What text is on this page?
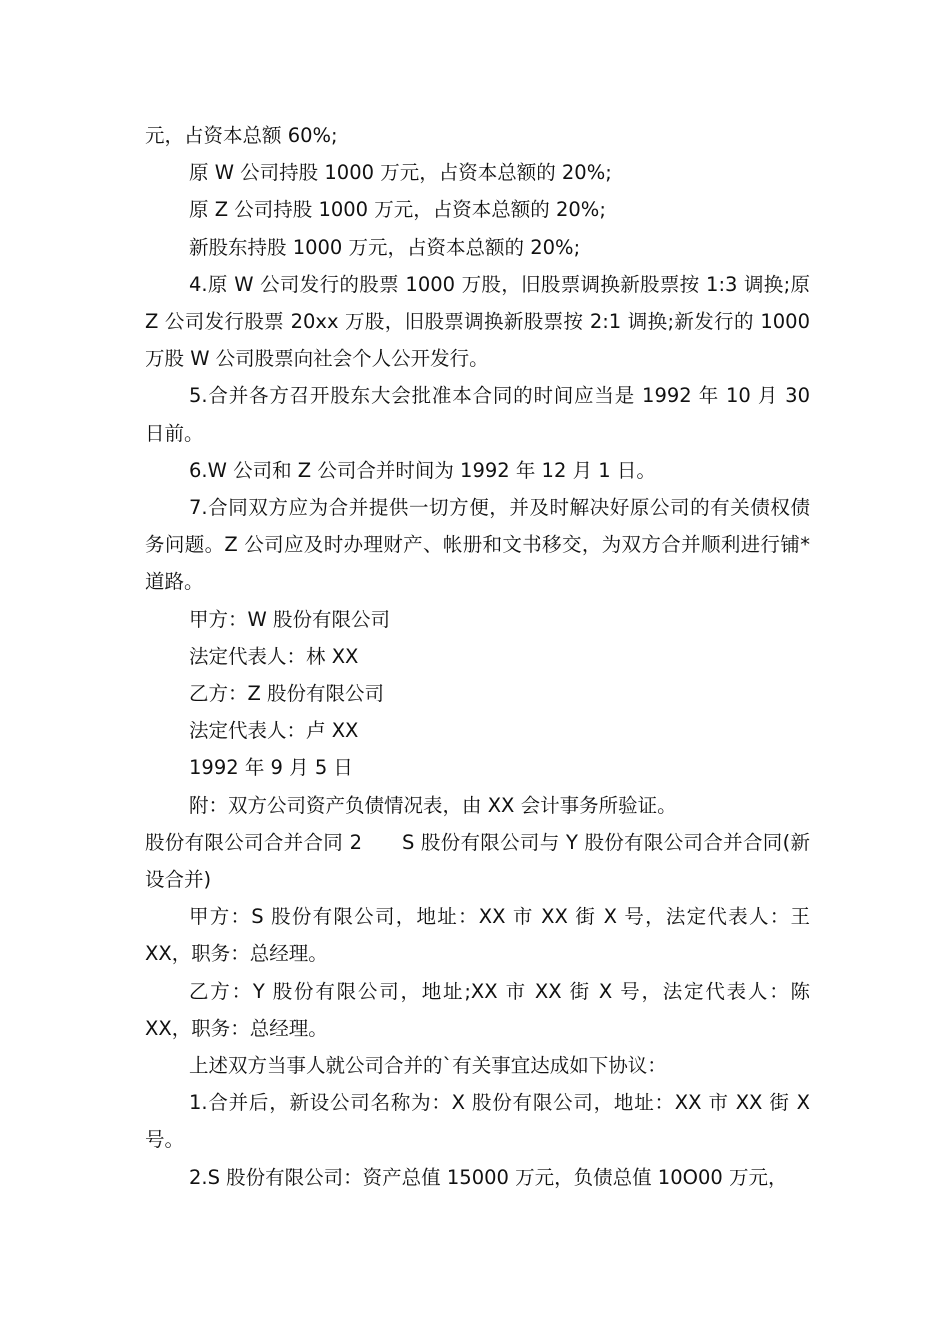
元，占资本总额 60%;

原 W 公司持股 1000 万元，占资本总额的 20%;

原 Z 公司持股 1000 万元，占资本总额的 20%;

新股东持股 1000 万元，占资本总额的 20%;

4.原 W 公司发行的股票 1000 万股，旧股票调换新股票按 1:3 调换;原 Z 公司发行股票 20xx 万股，旧股票调换新股票按 2:1 调换;新发行的 1000 万股 W 公司股票向社会个人公开发行。

5.合并各方召开股东大会批准本合同的时间应当是 1992 年 10 月 30 日前。

6.W 公司和 Z 公司合并时间为 1992 年 12 月 1 日。

7.合同双方应为合并提供一切方便，并及时解决好原公司的有关债权债务问题。Z 公司应及时办理财产、帐册和文书移交，为双方合并顺利进行铺*道路。

甲方：W 股份有限公司

法定代表人：林 XX

乙方：Z 股份有限公司

法定代表人：卢 XX

1992 年 9 月 5 日

附：双方公司资产负债情况表，由 XX 会计事务所验证。

股份有限公司合并合同 2　　S 股份有限公司与 Y 股份有限公司合并合同(新设合并)

甲方：S 股份有限公司，地址：XX 市 XX 街 X 号，法定代表人：王 XX，职务：总经理。

乙方：Y 股份有限公司，地址;XX 市 XX 街 X 号，法定代表人：陈 XX，职务：总经理。

上述双方当事人就公司合并的`有关事宜达成如下协议：

1.合并后，新设公司名称为：X 股份有限公司，地址：XX 市 XX 街 X 号。

2.S 股份有限公司：资产总值 15000 万元，负债总值 10O00 万元，
